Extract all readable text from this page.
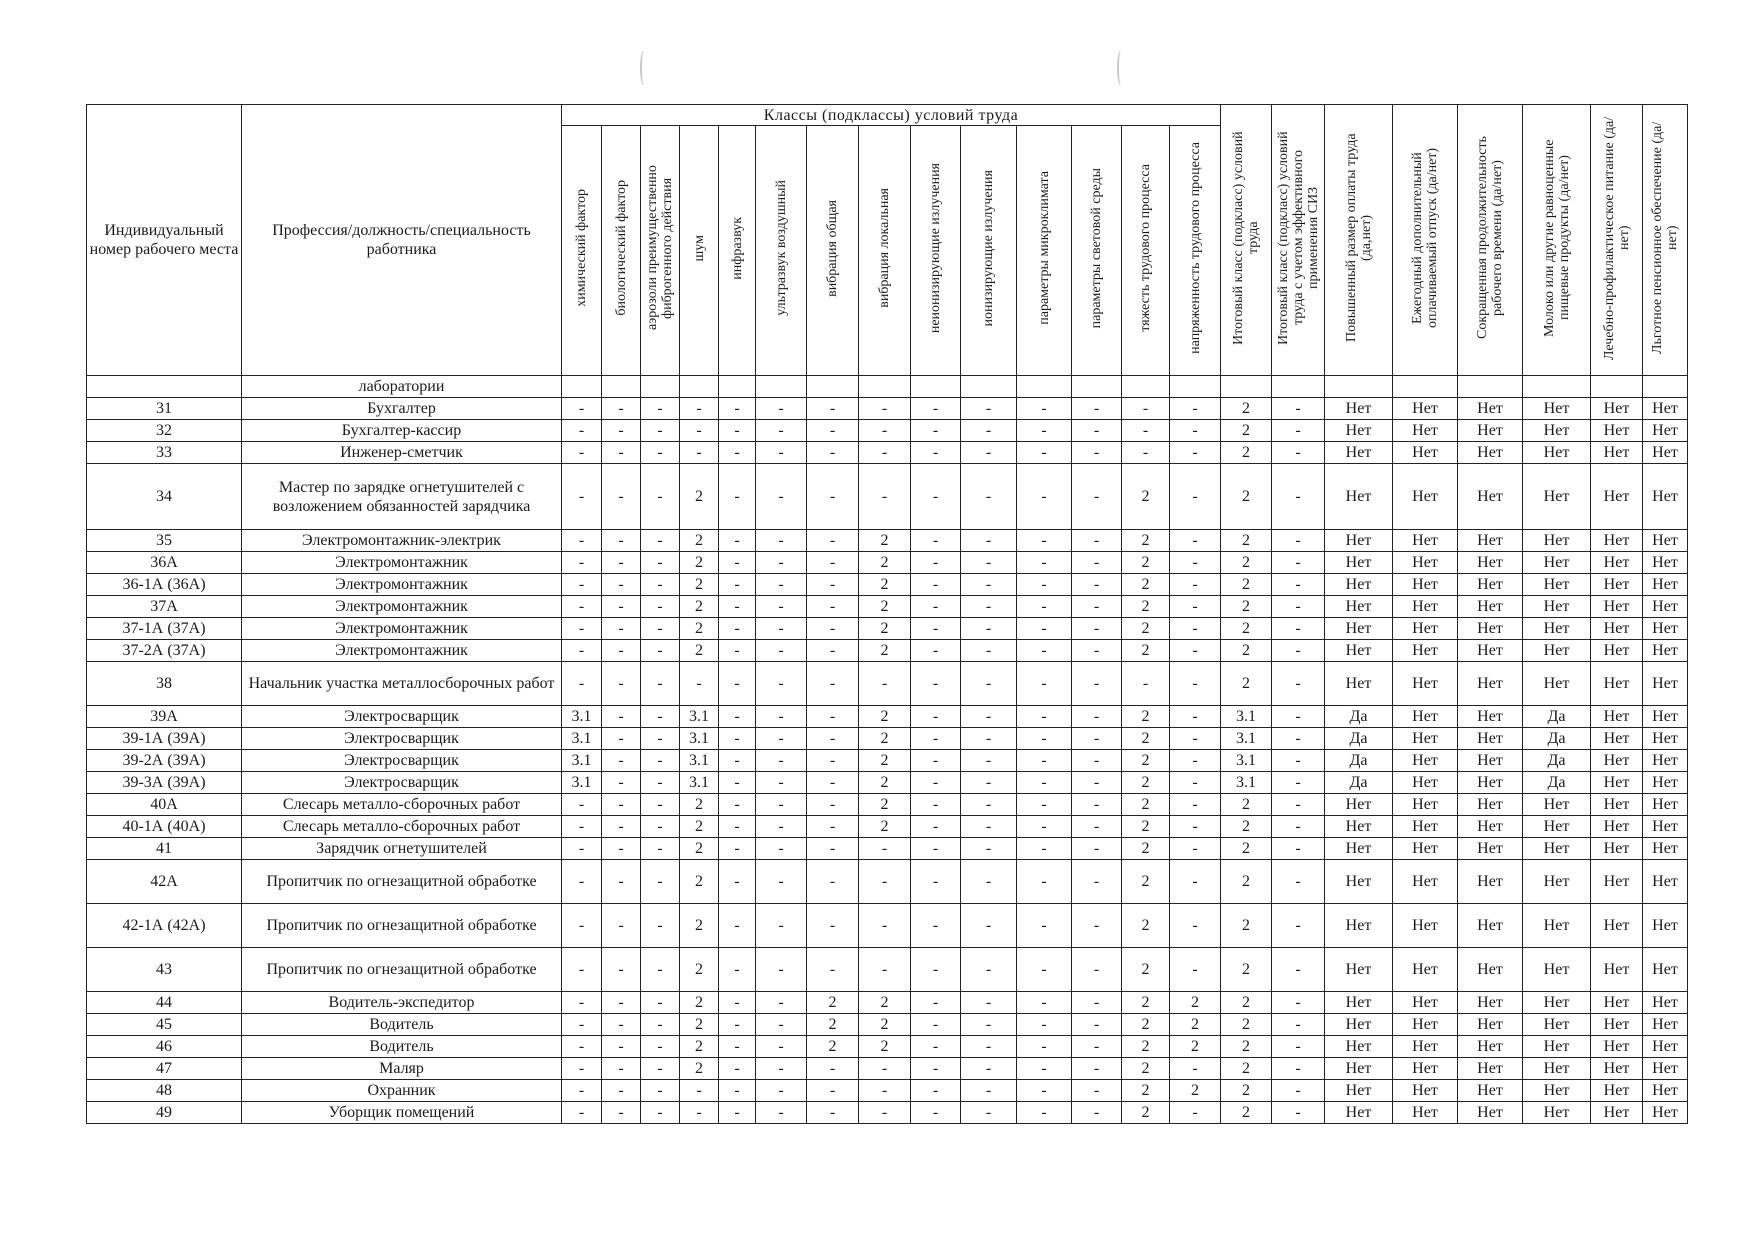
Индивидуальный номер рабочего места	Профессия/должность/специальность работника	Классы (подклассы) условий труда														Итоговый класс (подкласс) условий труда	Итоговый класс (подкласс) условий труда с учетом эффективного применения СИЗ	Повышенный размер оплаты труда (да,нет)	Ежегодный дополнительный оплачиваемый отпуск (да/нет)	Сокращенная продолжительность рабочего времени (да/нет)	Молоко или другие равноценные пищевые продукты (да/нет)	Лечебно-профилактическое питание (да/нет)	Льготное пенсионное обеспечение (да/нет)
		химический фактор	биологический фактор	аэрозоли преимущественно фиброгенного действия	шум	инфразвук	ультразвук воздушный	вибрация общая	вибрация локальная	неионизирующие излучения	ионизирующие излучения	параметры микроклимата	параметры световой среды	тяжесть трудового процесса	напряженность трудового процесса								
	лаборатории																						
31	Бухгалтер	-	-	-	-	-	-	-	-	-	-	-	-	-	-	2	-	Нет	Нет	Нет	Нет	Нет	Нет
32	Бухгалтер-кассир	-	-	-	-	-	-	-	-	-	-	-	-	-	-	2	-	Нет	Нет	Нет	Нет	Нет	Нет
33	Инженер-сметчик	-	-	-	-	-	-	-	-	-	-	-	-	-	-	2	-	Нет	Нет	Нет	Нет	Нет	Нет
34	Мастер по зарядке огнетушителей с возложением обязанностей зарядчика	-	-	-	2	-	-	-	-	-	-	-	-	2	-	2	-	Нет	Нет	Нет	Нет	Нет	Нет
35	Электромонтажник-электрик	-	-	-	2	-	-	-	2	-	-	-	-	2	-	2	-	Нет	Нет	Нет	Нет	Нет	Нет
36А	Электромонтажник	-	-	-	2	-	-	-	2	-	-	-	-	2	-	2	-	Нет	Нет	Нет	Нет	Нет	Нет
36-1А (36А)	Электромонтажник	-	-	-	2	-	-	-	2	-	-	-	-	2	-	2	-	Нет	Нет	Нет	Нет	Нет	Нет
37А	Электромонтажник	-	-	-	2	-	-	-	2	-	-	-	-	2	-	2	-	Нет	Нет	Нет	Нет	Нет	Нет
37-1А (37А)	Электромонтажник	-	-	-	2	-	-	-	2	-	-	-	-	2	-	2	-	Нет	Нет	Нет	Нет	Нет	Нет
37-2А (37А)	Электромонтажник	-	-	-	2	-	-	-	2	-	-	-	-	2	-	2	-	Нет	Нет	Нет	Нет	Нет	Нет
38	Начальник участка металлосборочных работ	-	-	-	-	-	-	-	-	-	-	-	-	-	-	2	-	Нет	Нет	Нет	Нет	Нет	Нет
39А	Электросварщик	3.1	-	-	3.1	-	-	-	2	-	-	-	-	2	-	3.1	-	Да	Нет	Нет	Да	Нет	Нет
39-1А (39А)	Электросварщик	3.1	-	-	3.1	-	-	-	2	-	-	-	-	2	-	3.1	-	Да	Нет	Нет	Да	Нет	Нет
39-2А (39А)	Электросварщик	3.1	-	-	3.1	-	-	-	2	-	-	-	-	2	-	3.1	-	Да	Нет	Нет	Да	Нет	Нет
39-3А (39А)	Электросварщик	3.1	-	-	3.1	-	-	-	2	-	-	-	-	2	-	3.1	-	Да	Нет	Нет	Да	Нет	Нет
40А	Слесарь металло-сборочных работ	-	-	-	2	-	-	-	2	-	-	-	-	2	-	2	-	Нет	Нет	Нет	Нет	Нет	Нет
40-1А (40А)	Слесарь металло-сборочных работ	-	-	-	2	-	-	-	2	-	-	-	-	2	-	2	-	Нет	Нет	Нет	Нет	Нет	Нет
41	Зарядчик огнетушителей	-	-	-	2	-	-	-	-	-	-	-	-	2	-	2	-	Нет	Нет	Нет	Нет	Нет	Нет
42А	Пропитчик по огнезащитной обработке	-	-	-	2	-	-	-	-	-	-	-	-	2	-	2	-	Нет	Нет	Нет	Нет	Нет	Нет
42-1А (42А)	Пропитчик по огнезащитной обработке	-	-	-	2	-	-	-	-	-	-	-	-	2	-	2	-	Нет	Нет	Нет	Нет	Нет	Нет
43	Пропитчик по огнезащитной обработке	-	-	-	2	-	-	-	-	-	-	-	-	2	-	2	-	Нет	Нет	Нет	Нет	Нет	Нет
44	Водитель-экспедитор	-	-	-	2	-	-	2	2	-	-	-	-	2	2	2	-	Нет	Нет	Нет	Нет	Нет	Нет
45	Водитель	-	-	-	2	-	-	2	2	-	-	-	-	2	2	2	-	Нет	Нет	Нет	Нет	Нет	Нет
46	Водитель	-	-	-	2	-	-	2	2	-	-	-	-	2	2	2	-	Нет	Нет	Нет	Нет	Нет	Нет
47	Маляр	-	-	-	2	-	-	-	-	-	-	-	-	2	-	2	-	Нет	Нет	Нет	Нет	Нет	Нет
48	Охранник	-	-	-	-	-	-	-	-	-	-	-	-	2	2	2	-	Нет	Нет	Нет	Нет	Нет	Нет
49	Уборщик помещений	-	-	-	-	-	-	-	-	-	-	-	-	2	-	2	-	Нет	Нет	Нет	Нет	Нет	Нет
